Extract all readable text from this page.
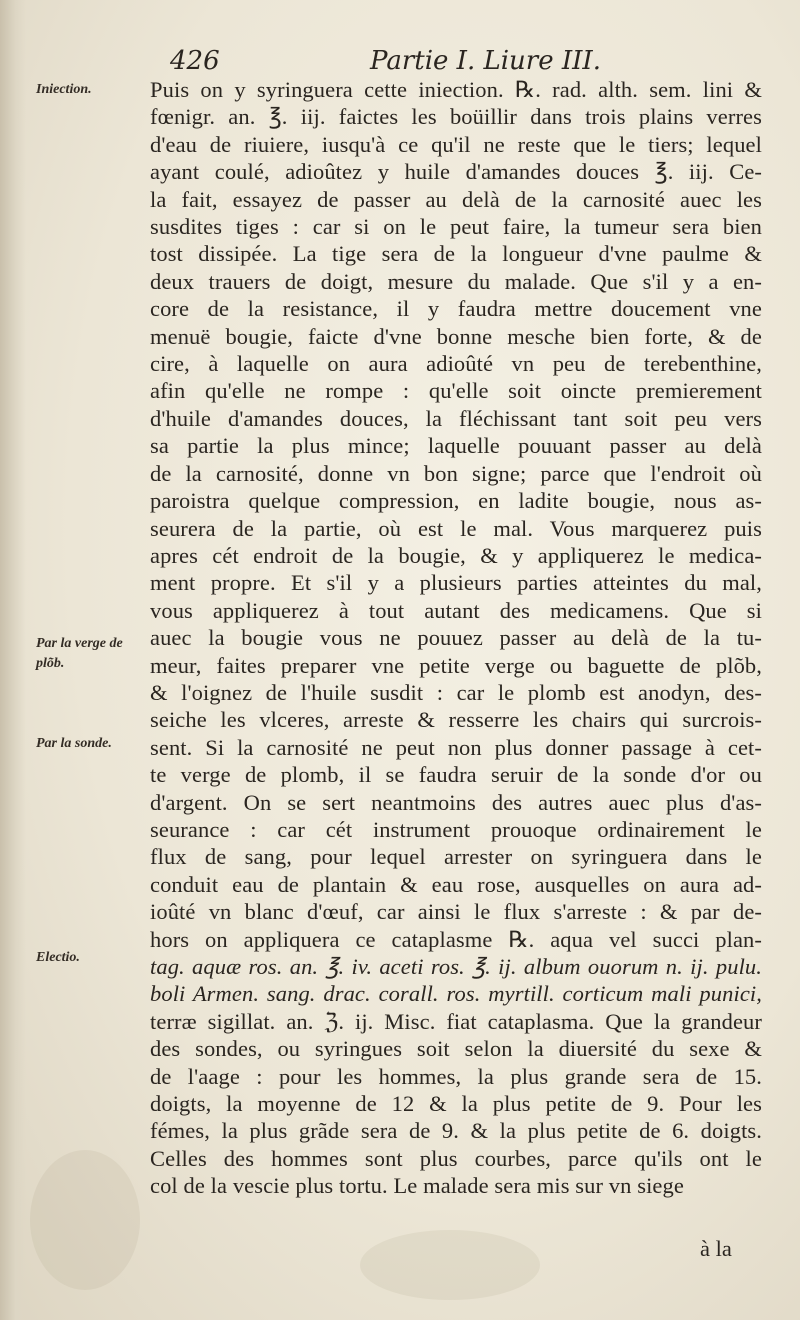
426	Partie I. Liure III.
Iniection.
Par la verge de plõb.
Par la sonde.
Electio.
Puis on y syringuera cette iniection. ℞. rad. alth. sem. lini &
fœnigr. an. ℥. iij. faictes les boüillir dans trois plains verres
d'eau de riuiere, iusqu'à ce qu'il ne reste que le tiers; lequel
ayant coulé, adioûtez y huile d'amandes douces ℥. iij. Ce-
la fait, essayez de passer au delà de la carnosité auec les
susdites tiges : car si on le peut faire, la tumeur sera bien
tost dissipée. La tige sera de la longueur d'vne paulme &
deux trauers de doigt, mesure du malade. Que s'il y a en-
core de la resistance, il y faudra mettre doucement vne
menuë bougie, faicte d'vne bonne mesche bien forte, & de
cire, à laquelle on aura adioûté vn peu de terebenthine,
afin qu'elle ne rompe : qu'elle soit oincte premierement
d'huile d'amandes douces, la fléchissant tant soit peu vers
sa partie la plus mince; laquelle pouuant passer au delà
de la carnosité, donne vn bon signe; parce que l'endroit où
paroistra quelque compression, en ladite bougie, nous as-
seurera de la partie, où est le mal. Vous marquerez puis
apres cét endroit de la bougie, & y appliquerez le medica-
ment propre. Et s'il y a plusieurs parties atteintes du mal,
vous appliquerez à tout autant des medicamens. Que si
auec la bougie vous ne pouuez passer au delà de la tu-
meur, faites preparer vne petite verge ou baguette de plõb,
& l'oignez de l'huile susdit : car le plomb est anodyn, des-
seiche les vlceres, arreste & resserre les chairs qui surcrois-
sent. Si la carnosité ne peut non plus donner passage à cet-
te verge de plomb, il se faudra seruir de la sonde d'or ou
d'argent. On se sert neantmoins des autres auec plus d'as-
seurance : car cét instrument prouoque ordinairement le
flux de sang, pour lequel arrester on syringuera dans le
conduit eau de plantain & eau rose, ausquelles on aura ad-
ioûté vn blanc d'œuf, car ainsi le flux s'arreste : & par de-
hors on appliquera ce cataplasme ℞. aqua vel succi plan-
tag. aquæ ros. an. ℥. iv. aceti ros. ℥. ij. album ouorum n. ij. pulu.
boli Armen. sang. drac. corall. ros. myrtill. corticum mali punici,
terræ sigillat. an. ℨ. ij. Misc. fiat cataplasma. Que la grandeur
des sondes, ou syringues soit selon la diuersité du sexe &
de l'aage : pour les hommes, la plus grande sera de 15.
doigts, la moyenne de 12 & la plus petite de 9. Pour les
fémes, la plus grãde sera de 9. & la plus petite de 6. doigts.
Celles des hommes sont plus courbes, parce qu'ils ont le
col de la vescie plus tortu. Le malade sera mis sur vn siege
à la
